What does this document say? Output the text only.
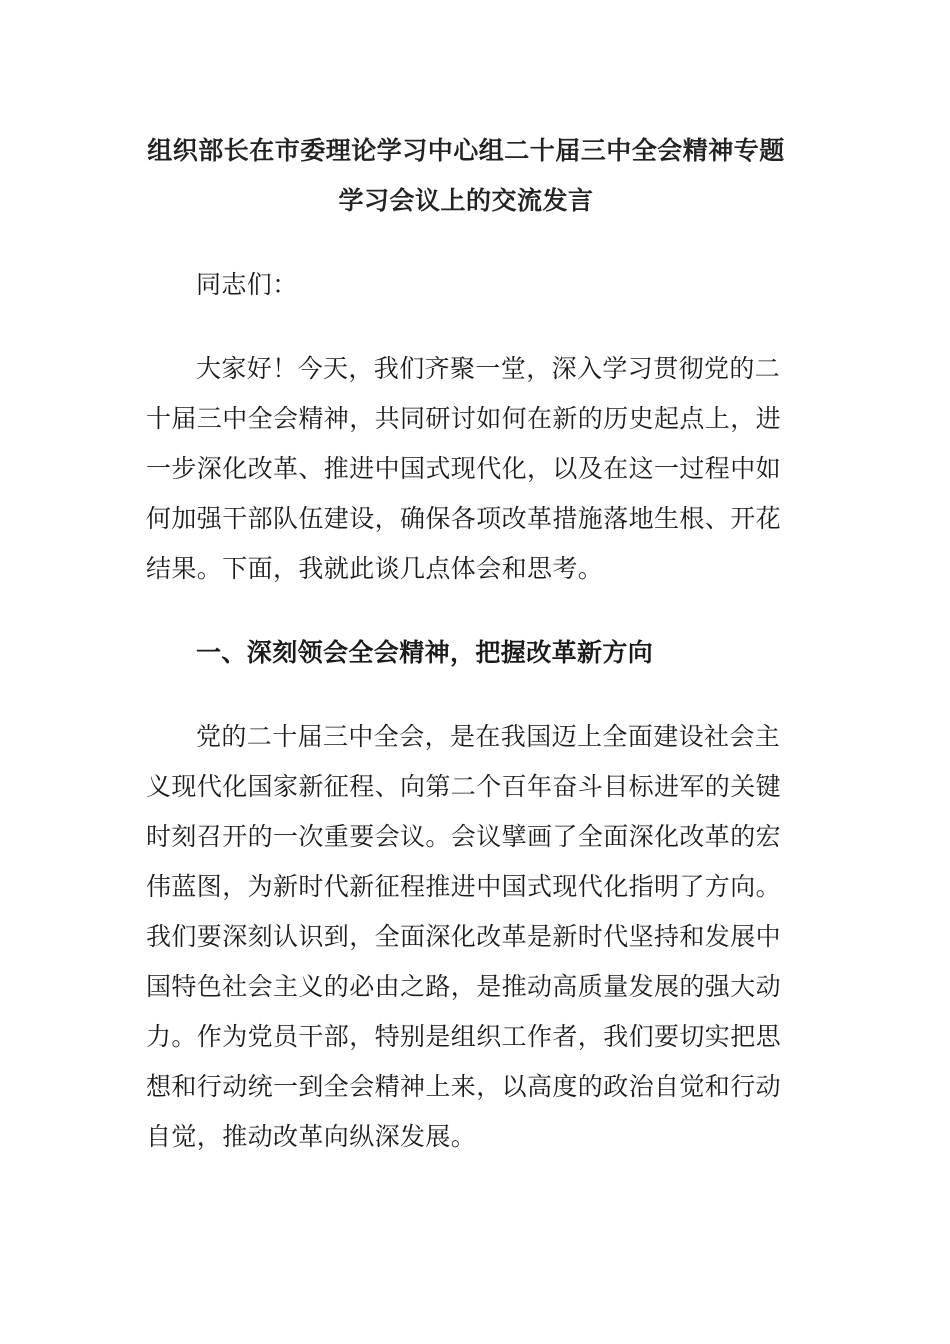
组织部长在市委理论学习中心组二十届三中全会精神专题
学习会议上的交流发言

同志们：

大家好！今天，我们齐聚一堂，深入学习贯彻党的二
十届三中全会精神，共同研讨如何在新的历史起点上，进
一步深化改革、推进中国式现代化，以及在这一过程中如
何加强干部队伍建设，确保各项改革措施落地生根、开花
结果。下面，我就此谈几点体会和思考。

一、深刻领会全会精神，把握改革新方向

党的二十届三中全会，是在我国迈上全面建设社会主
义现代化国家新征程、向第二个百年奋斗目标进军的关键
时刻召开的一次重要会议。会议擘画了全面深化改革的宏
伟蓝图，为新时代新征程推进中国式现代化指明了方向。
我们要深刻认识到，全面深化改革是新时代坚持和发展中
国特色社会主义的必由之路，是推动高质量发展的强大动
力。作为党员干部，特别是组织工作者，我们要切实把思
想和行动统一到全会精神上来，以高度的政治自觉和行动
自觉，推动改革向纵深发展。
